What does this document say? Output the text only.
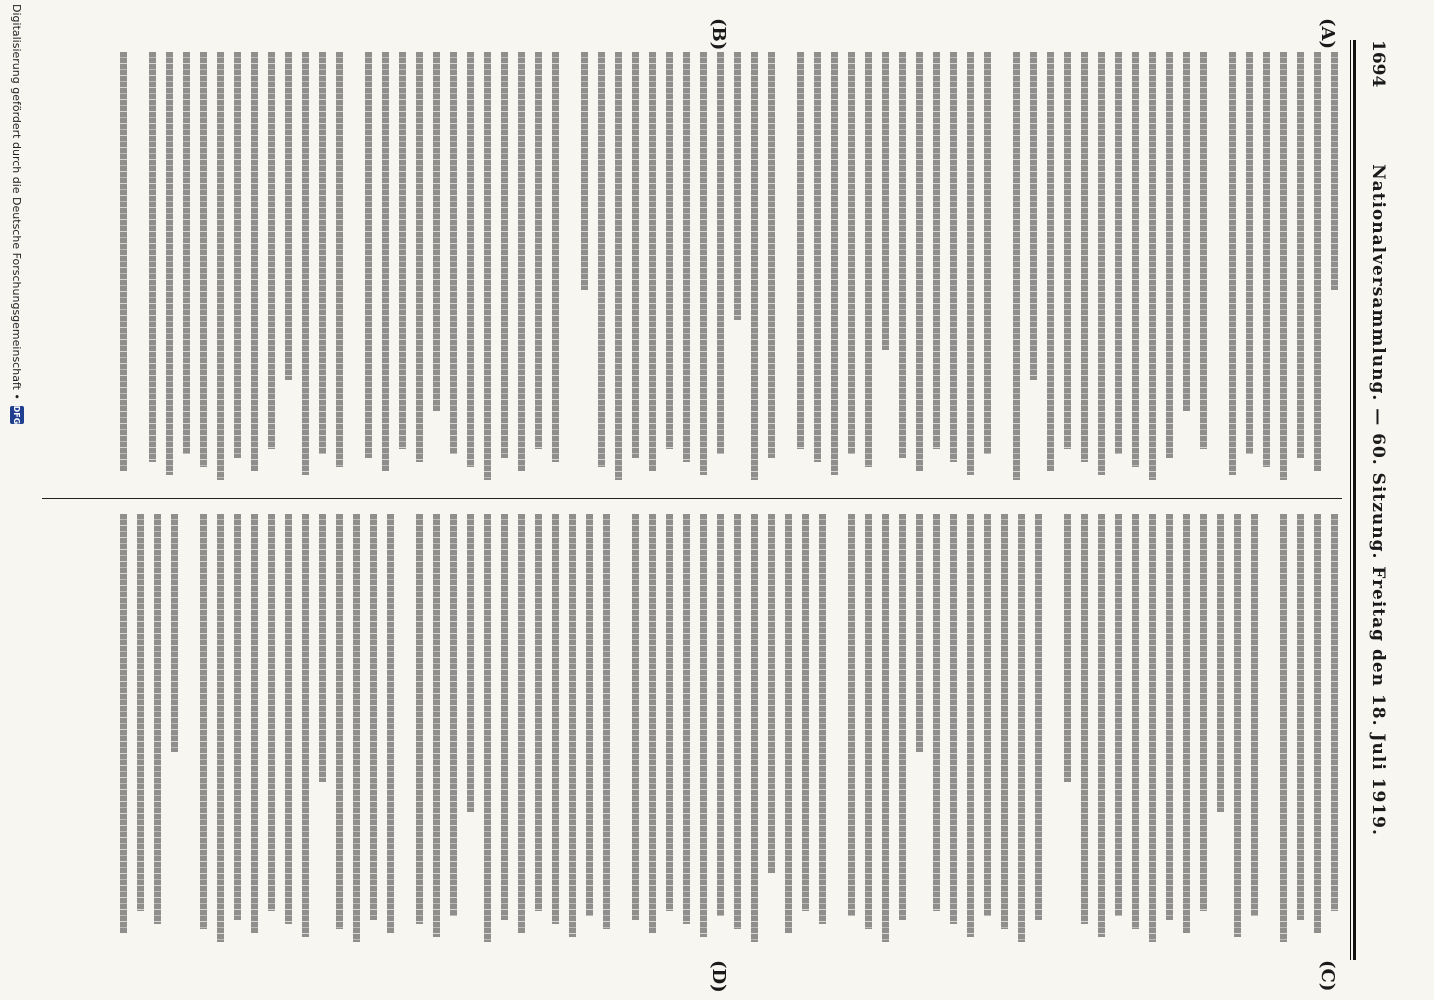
1694
Nationalversammlung. — 60. Sitzung. Freitag den 18. Juli 1919.
(A)
(B)
(C)
(D)
Digitalisierung gefördert durch die Deutsche Forschungsgemeinschaft •
DFG
